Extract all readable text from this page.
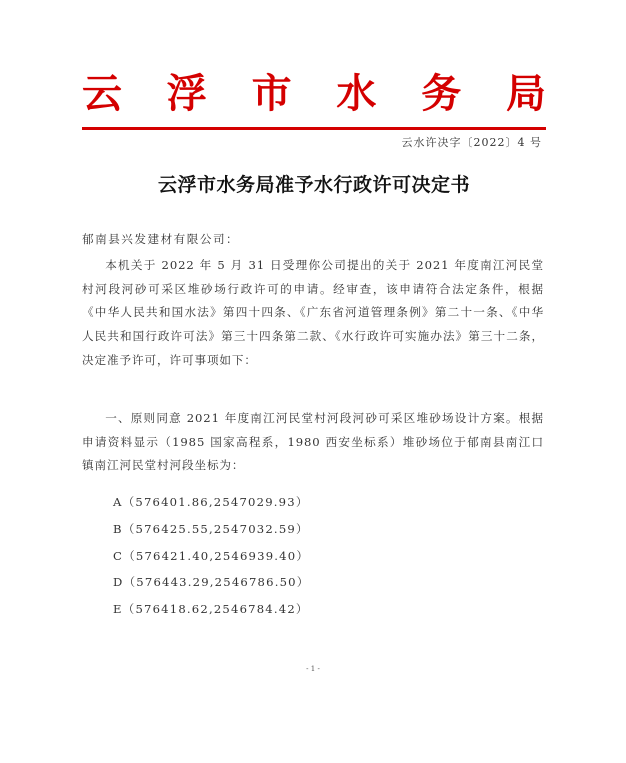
云 浮 市 水 务 局
云水许决字〔2022〕4 号
云浮市水务局准予水行政许可决定书
郁南县兴发建材有限公司：
本机关于 2022 年 5 月 31 日受理你公司提出的关于 2021 年度南江河民堂村河段河砂可采区堆砂场行政许可的申请。经审查，该申请符合法定条件，根据《中华人民共和国水法》第四十四条、《广东省河道管理条例》第二十一条、《中华人民共和国行政许可法》第三十四条第二款、《水行政许可实施办法》第三十二条，决定准予许可，许可事项如下：
一、原则同意 2021 年度南江河民堂村河段河砂可采区堆砂场设计方案。根据申请资料显示（1985 国家高程系，1980 西安坐标系）堆砂场位于郁南县南江口镇南江河民堂村河段坐标为：
A（576401.86,2547029.93）
B（576425.55,2547032.59）
C（576421.40,2546939.40）
D（576443.29,2546786.50）
E（576418.62,2546784.42）
- 1 -
